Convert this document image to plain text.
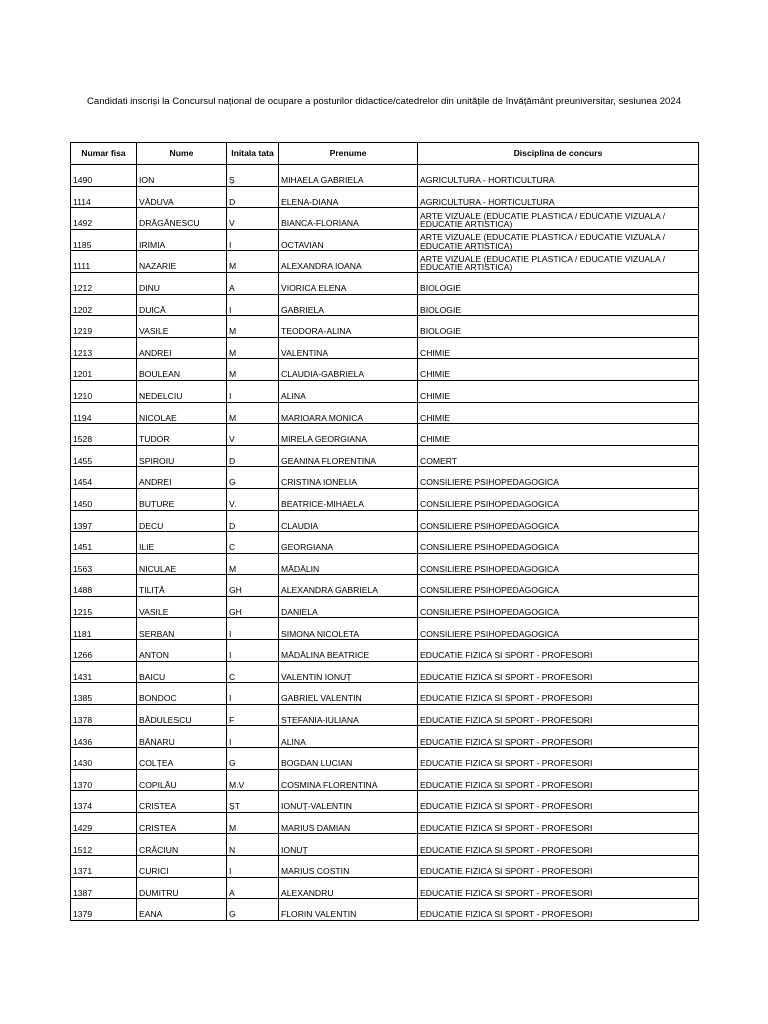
Candidati inscriși la Concursul național de ocupare a posturilor didactice/catedrelor din unitățile de învățământ preuniversitar, sesiunea 2024
Numar fisa	Nume	Initala tata	Prenume	Disciplina de concurs
1490	ION	Ș	MIHAELA GABRIELA	AGRICULTURA - HORTICULTURA
1114	VĂDUVA	D	ELENA-DIANA	AGRICULTURA - HORTICULTURA
1492	DRĂGĂNESCU	V	BIANCA-FLORIANA	ARTE VIZUALE (EDUCATIE PLASTICA / EDUCATIE VIZUALA / EDUCATIE ARTISTICA)
1185	IRIMIA	I	OCTAVIAN	ARTE VIZUALE (EDUCATIE PLASTICA / EDUCATIE VIZUALA / EDUCATIE ARTISTICA)
1111	NAZARIE	M	ALEXANDRA IOANA	ARTE VIZUALE (EDUCATIE PLASTICA / EDUCATIE VIZUALA / EDUCATIE ARTISTICA)
1212	DINU	A	VIORICA ELENA	BIOLOGIE
1202	DUICĂ	I	GABRIELA	BIOLOGIE
1219	VASILE	M	TEODORA-ALINA	BIOLOGIE
1213	ANDREI	M	VALENTINA	CHIMIE
1201	BOULEAN	M	CLAUDIA-GABRIELA	CHIMIE
1210	NEDELCIU	I	ALINA	CHIMIE
1194	NICOLAE	M	MARIOARA MONICA	CHIMIE
1528	TUDOR	V	MIRELA GEORGIANA	CHIMIE
1455	SPIROIU	D	GEANINA FLORENTINA	COMERT
1454	ANDREI	G	CRISTINA IONELIA	CONSILIERE PSIHOPEDAGOGICA
1450	BUTURE	V.	BEATRICE-MIHAELA	CONSILIERE PSIHOPEDAGOGICA
1397	DECU	D	CLAUDIA	CONSILIERE PSIHOPEDAGOGICA
1451	ILIE	C	GEORGIANA	CONSILIERE PSIHOPEDAGOGICA
1563	NICULAE	M	MĂDĂLIN	CONSILIERE PSIHOPEDAGOGICA
1488	TILIȚĂ	GH	ALEXANDRA GABRIELA	CONSILIERE PSIHOPEDAGOGICA
1215	VASILE	GH	DANIELA	CONSILIERE PSIHOPEDAGOGICA
1181	SERBAN	I	SIMONA NICOLETA	CONSILIERE PSIHOPEDAGOGICA
1266	ANTON	I	MĂDĂLINA BEATRICE	EDUCATIE FIZICA SI SPORT - PROFESORI
1431	BAICU	C	VALENTIN IONUȚ	EDUCATIE FIZICA SI SPORT - PROFESORI
1385	BONDOC	I	GABRIEL VALENTIN	EDUCATIE FIZICA SI SPORT - PROFESORI
1378	BĂDULESCU	F	STEFANIA-IULIANA	EDUCATIE FIZICA SI SPORT - PROFESORI
1436	BĂNARU	I	ALINA	EDUCATIE FIZICA SI SPORT - PROFESORI
1430	COLȚEA	G	BOGDAN LUCIAN	EDUCATIE FIZICA SI SPORT - PROFESORI
1370	COPILĂU	M.V	COSMINA FLORENTINA	EDUCATIE FIZICA SI SPORT - PROFESORI
1374	CRISTEA	ȘT	IONUȚ-VALENTIN	EDUCATIE FIZICA SI SPORT - PROFESORI
1429	CRISTEA	M	MARIUS DAMIAN	EDUCATIE FIZICA SI SPORT - PROFESORI
1512	CRĂCIUN	N	IONUȚ	EDUCATIE FIZICA SI SPORT - PROFESORI
1371	CURICI	I	MARIUS COSTIN	EDUCATIE FIZICA SI SPORT - PROFESORI
1387	DUMITRU	A	ALEXANDRU	EDUCATIE FIZICA SI SPORT - PROFESORI
1379	EANA	G	FLORIN VALENTIN	EDUCATIE FIZICA SI SPORT - PROFESORI
